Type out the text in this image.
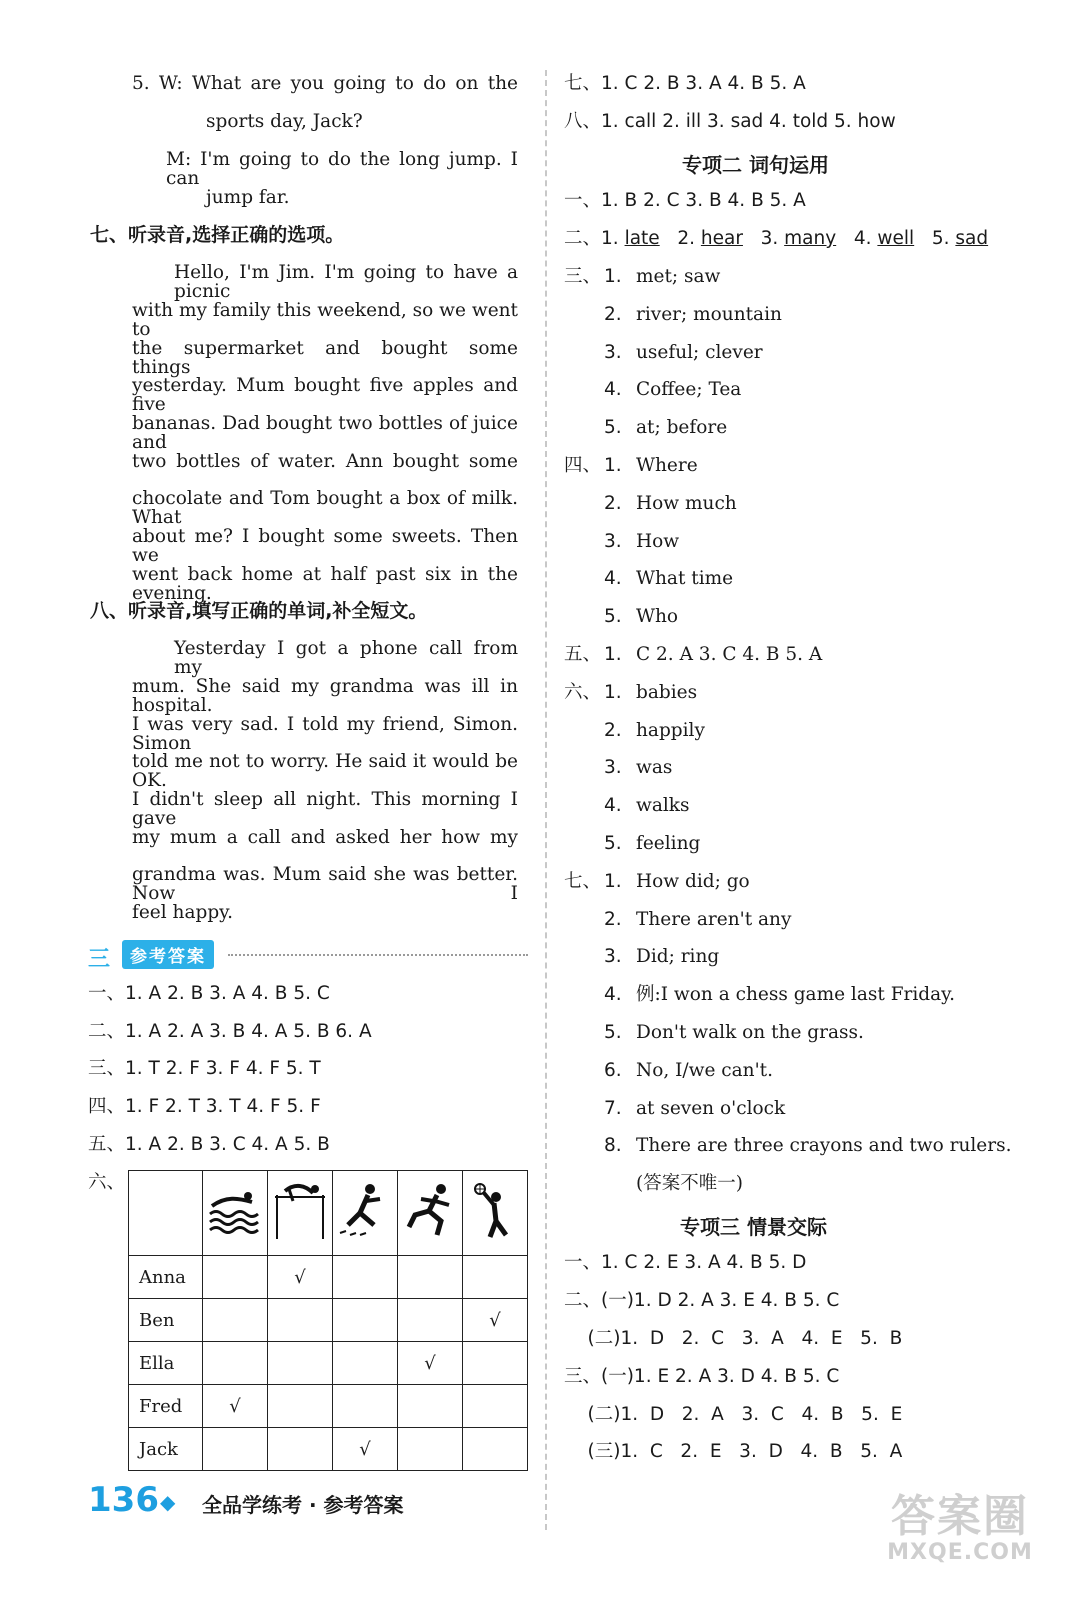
5. W: What are you going to do on the
sports day, Jack?
M: I'm going to do the long jump. I can
jump far.
七、听录音,选择正确的选项。
Hello, I'm Jim. I'm going to have a picnic
with my family this weekend, so we went to
the supermarket and bought some things
yesterday. Mum bought five apples and five
bananas. Dad bought two bottles of juice and
two bottles of water. Ann bought some
chocolate and Tom bought a box of milk. What
about me? I bought some sweets. Then we
went back home at half past six in the evening.
八、听录音,填写正确的单词,补全短文。
Yesterday I got a phone call from my
mum. She said my grandma was ill in hospital.
I was very sad. I told my friend, Simon. Simon
told me not to worry. He said it would be OK.
I didn't sleep all night. This morning I gave
my mum a call and asked her how my
grandma was. Mum said she was better. Now I
feel happy.
三	参考答案
一、1. A 2. B 3. A 4. B 5. C
二、1. A 2. A 3. B 4. A 5. B 6. A
三、1. T 2. F 3. F 4. F 5. T
四、1. F 2. T 3. T 4. F 5. F
五、1. A 2. B 3. C 4. A 5. B
六、

Anna		√			
Ben					√
Ella				√	
Fred	√				
Jack			√		
七、1. C 2. B 3. A 4. B 5. A
八、1. call 2. ill 3. sad 4. told 5. how
专项二 词句运用
一、1. B 2. C 3. B 4. B 5. A
二、1. late 2. hear 3. many 4. well 5. sad
三、 1. met; saw
2. river; mountain
3. useful; clever
4. Coffee; Tea
5. at; before
四、 1. Where
2. How much
3. How
4. What time
5. Who
五、 1. C 2. A 3. C 4. B 5. A
六、 1. babies
2. happily
3. was
4. walks
5. feeling
七、 1. How did; go
2. There aren't any
3. Did; ring
4. 例:I won a chess game last Friday.
5. Don't walk on the grass.
6. No, I/we can't.
7. at seven o'clock
8. There are three crayons and two rulers.
(答案不唯一)
专项三 情景交际
一、1. C 2. E 3. A 4. B 5. D
二、(一)1. D 2. A 3. E 4. B 5. C
(二)1.  D   2.  C   3.  A   4.  E   5.  B
三、(一)1. E 2. A 3. D 4. B 5. C
(二)1.  D   2.  A   3.  C   4.  B   5.  E
(三)1.  C   2.  E   3.  D   4.  B   5.  A
136 ◆ 全品学练考 · 参考答案	答案圈
MXQE.COM
